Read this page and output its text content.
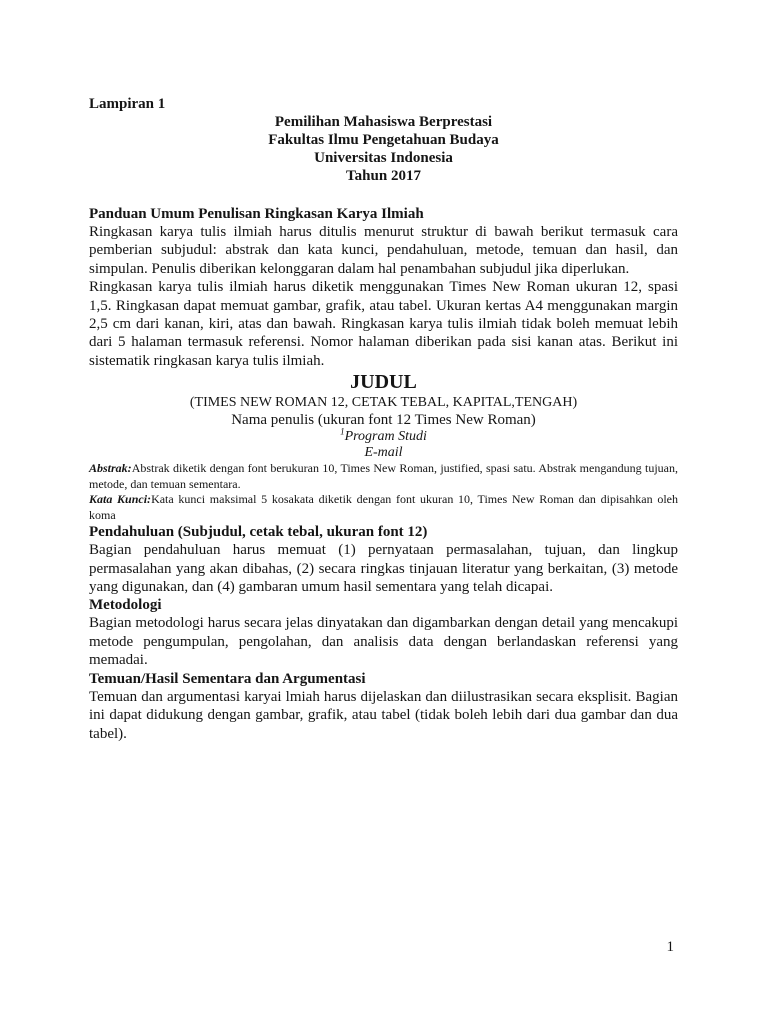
Lampiran 1

Pemilihan Mahasiswa Berprestasi
Fakultas Ilmu Pengetahuan Budaya
Universitas Indonesia
Tahun 2017

Panduan Umum Penulisan Ringkasan Karya Ilmiah

Ringkasan karya tulis ilmiah harus ditulis menurut struktur di bawah berikut termasuk cara pemberian subjudul: abstrak dan kata kunci, pendahuluan, metode, temuan dan hasil, dan simpulan. Penulis diberikan kelonggaran dalam hal penambahan subjudul jika diperlukan.

Ringkasan karya tulis ilmiah harus diketik menggunakan Times New Roman ukuran 12, spasi 1,5. Ringkasan dapat memuat gambar, grafik, atau tabel. Ukuran kertas A4 menggunakan margin 2,5 cm dari kanan, kiri, atas dan bawah. Ringkasan karya tulis ilmiah tidak boleh memuat lebih dari 5 halaman termasuk referensi. Nomor halaman diberikan pada sisi kanan atas. Berikut ini sistematik ringkasan karya tulis ilmiah.

JUDUL

(TIMES NEW ROMAN 12, CETAK TEBAL, KAPITAL,TENGAH)

Nama penulis (ukuran font 12 Times New Roman)

$^1$Program Studi

E-mail

Abstrak:Abstrak diketik dengan font berukuran 10, Times New Roman, justified, spasi satu. Abstrak mengandung tujuan, metode, dan temuan sementara.

Kata Kunci:Kata kunci maksimal 5 kosakata diketik dengan font ukuran 10, Times New Roman dan dipisahkan oleh koma

Pendahuluan (Subjudul, cetak tebal, ukuran font 12)

Bagian pendahuluan harus memuat (1) pernyataan permasalahan, tujuan, dan lingkup permasalahan yang akan dibahas, (2) secara ringkas tinjauan literatur yang berkaitan, (3) metode yang digunakan, dan (4) gambaran umum hasil sementara yang telah dicapai.

Metodologi

Bagian metodologi harus secara jelas dinyatakan dan digambarkan dengan detail yang mencakupi metode pengumpulan, pengolahan, dan analisis data dengan berlandaskan referensi yang memadai.

Temuan/Hasil Sementara dan Argumentasi

Temuan dan argumentasi karyai lmiah harus dijelaskan dan diilustrasikan secara eksplisit. Bagian ini dapat didukung dengan gambar, grafik, atau tabel (tidak boleh lebih dari dua gambar dan dua tabel).

1
